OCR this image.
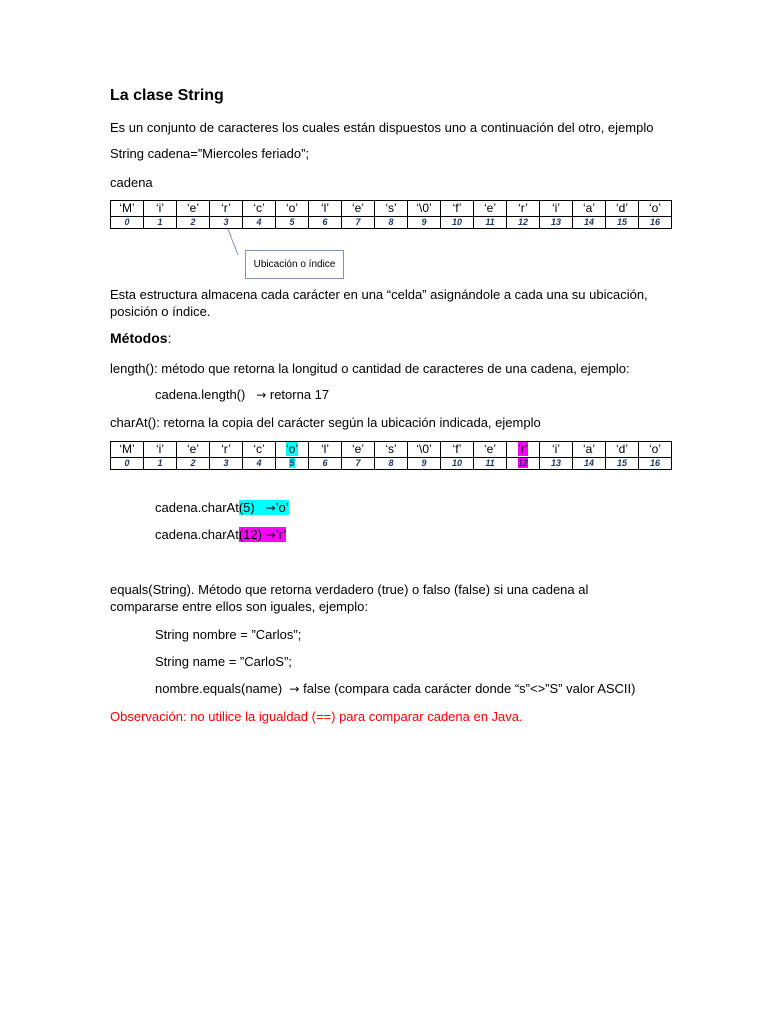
La clase String
Es un conjunto de caracteres los cuales están dispuestos uno a continuación del otro, ejemplo
String cadena=”Miercoles feriado”;
cadena
‘M’	‘i’	‘e’	‘r’	‘c’	‘o’	‘l’	‘e’	‘s’	‘\0’	‘f’	‘e’	‘r’	‘i’	‘a’	‘d’	‘o’
0	1	2	3	4	5	6	7	8	9	10	11	12	13	14	15	16
Ubicación o índice
Esta estructura almacena cada carácter en una “celda” asignándole a cada una su ubicación,
posición o índice.
Métodos:
length(): método que retorna la longitud o cantidad de caracteres de una cadena, ejemplo:
cadena.length() → retorna 17
charAt(): retorna la copia del carácter según la ubicación indicada, ejemplo
‘M’	‘i’	‘e’	‘r’	‘c’	‘o’	‘l’	‘e’	‘s’	‘\0’	‘f’	‘e’	‘r’	‘i’	‘a’	‘d’	‘o’
0	1	2	3	4	5	6	7	8	9	10	11	12	13	14	15	16
cadena.charAt(5) →’o’
cadena.charAt(12) →’r’
equals(String). Método que retorna verdadero (true) o falso (false) si una cadena al
compararse entre ellos son iguales, ejemplo:
String nombre = ”Carlos”;
String name = ”CarloS”;
nombre.equals(name) → false (compara cada carácter donde “s”<>”S” valor ASCII)
Observación: no utilice la igualdad (==) para comparar cadena en Java.
